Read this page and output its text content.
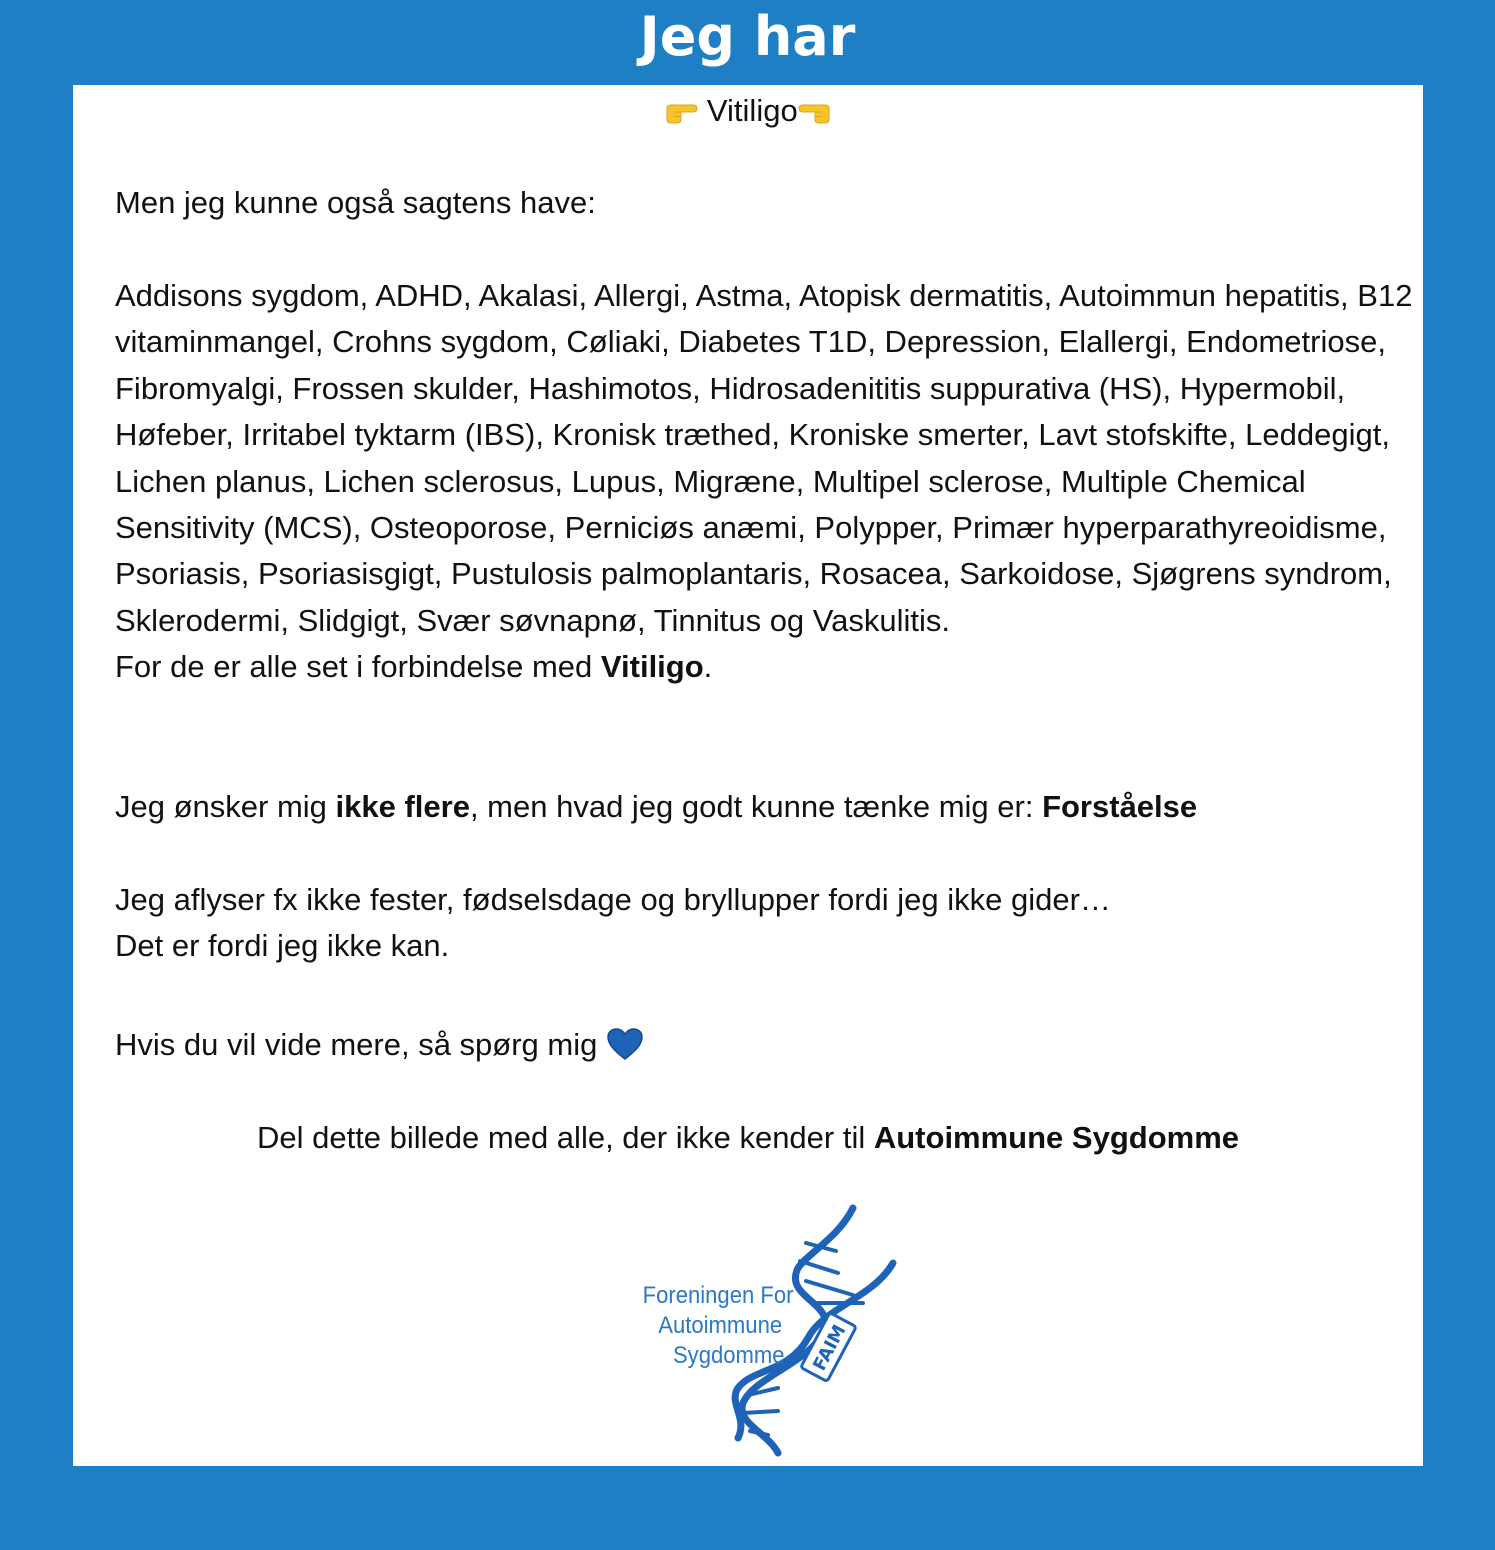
Jeg har
Vitiligo
Men jeg kunne også sagtens have:
Addisons sygdom, ADHD, Akalasi, Allergi, Astma, Atopisk dermatitis, Autoimmun hepatitis, B12 vitaminmangel, Crohns sygdom, Cøliaki, Diabetes T1D, Depression, Elallergi, Endometriose, Fibromyalgi, Frossen skulder, Hashimotos, Hidrosadenititis suppurativa (HS), Hypermobil, Høfeber, Irritabel tyktarm (IBS), Kronisk træthed, Kroniske smerter, Lavt stofskifte, Leddegigt, Lichen planus, Lichen sclerosus, Lupus, Migræne, Multipel sclerose, Multiple Chemical Sensitivity (MCS), Osteoporose, Perniciøs anæmi, Polypper, Primær hyperparathyreoidisme, Psoriasis, Psoriasisgigt, Pustulosis palmoplantaris, Rosacea, Sarkoidose, Sjøgrens syndrom, Sklerodermi, Slidgigt, Svær søvnapnø, Tinnitus og Vaskulitis.
For de er alle set i forbindelse med Vitiligo.
Jeg ønsker mig ikke flere, men hvad jeg godt kunne tænke mig er: Forståelse
Jeg aflyser fx ikke fester, fødselsdage og bryllupper fordi jeg ikke gider…
Det er fordi jeg ikke kan.
Hvis du vil vide mere, så spørg mig
Del dette billede med alle, der ikke kender til Autoimmune Sygdomme
FAIM
Foreningen For
Autoimmune
Sygdomme
